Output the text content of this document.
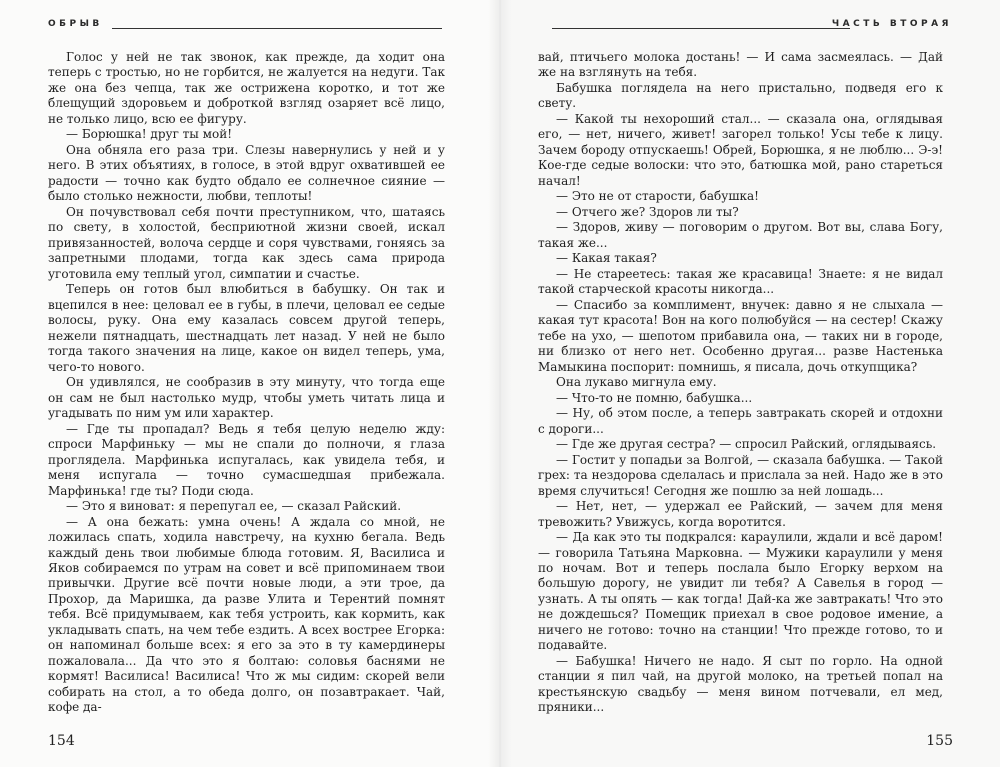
ОБРЫВ

Голос у ней не так звонок, как прежде, да ходит она теперь с тростью, но не горбится, не жалуется на недуги. Так же она без чепца, так же острижена коротко, и тот же блещущий здоровьем и доброткой взгляд озаряет всё лицо, не только лицо, всю ее фигуру.

— Борюшка! друг ты мой!

Она обняла его раза три. Слезы навернулись у ней и у него. В этих объятиях, в голосе, в этой вдруг охватившей ее радости — точно как будто обдало ее солнечное сияние — было столько нежности, любви, теплоты!

Он почувствовал себя почти преступником, что, шатаясь по свету, в холостой, бесприютной жизни своей, искал привязанностей, волоча сердце и соря чувствами, гоняясь за запретными плодами, тогда как здесь сама природа уготовила ему теплый угол, симпатии и счастье.

Теперь он готов был влюбиться в бабушку. Он так и вцепился в нее: целовал ее в губы, в плечи, целовал ее седые волосы, руку. Она ему казалась совсем другой теперь, нежели пятнадцать, шестнадцать лет назад. У ней не было тогда такого значения на лице, какое он видел теперь, ума, чего-то нового.

Он удивлялся, не сообразив в эту минуту, что тогда еще он сам не был настолько мудр, чтобы уметь читать лица и угадывать по ним ум или характер.

— Где ты пропадал? Ведь я тебя целую неделю жду: спроси Марфиньку — мы не спали до полночи, я глаза проглядела. Марфинька испугалась, как увидела тебя, и меня испугала — точно сумасшедшая прибежала. Марфинька! где ты? Поди сюда.

— Это я виноват: я перепугал ее, — сказал Райский.

— А она бежать: умна очень! А ждала со мной, не ложилась спать, ходила навстречу, на кухню бегала. Ведь каждый день твои любимые блюда готовим. Я, Василиса и Яков собираемся по утрам на совет и всё припоминаем твои привычки. Другие всё почти новые люди, а эти трое, да Прохор, да Маришка, да разве Улита и Терентий помнят тебя. Всё придумываем, как тебя устроить, как кормить, как укладывать спать, на чем тебе ездить. А всех вострее Егорка: он напоминал больше всех: я его за это в ту камердинеры пожаловала... Да что это я болтаю: соловья баснями не кормят! Василиса! Василиса! Что ж мы сидим: скорей вели собирать на стол, а то обеда долго, он позавтракает. Чай, кофе да-

154
ЧАСТЬ ВТОРАЯ

вай, птичьего молока достань! — И сама засмеялась. — Дай же на взглянуть на тебя.

Бабушка поглядела на него пристально, подведя его к свету.

— Какой ты нехороший стал... — сказала она, оглядывая его, — нет, ничего, живет! загорел только! Усы тебе к лицу. Зачем бороду отпускаешь! Обрей, Борюшка, я не люблю... Э-э! Кое-где седые волоски: что это, батюшка мой, рано стареться начал!

— Это не от старости, бабушка!

— Отчего же? Здоров ли ты?

— Здоров, живу — поговорим о другом. Вот вы, слава Богу, такая же...

— Какая такая?

— Не стареетесь: такая же красавица! Знаете: я не видал такой старческой красоты никогда...

— Спасибо за комплимент, внучек: давно я не слыхала — какая тут красота! Вон на кого полюбуйся — на сестер! Скажу тебе на ухо, — шепотом прибавила она, — таких ни в городе, ни близко от него нет. Особенно другая... разве Настенька Мамыкина поспорит: помнишь, я писала, дочь откупщика?

Она лукаво мигнула ему.

— Что-то не помню, бабушка...

— Ну, об этом после, а теперь завтракать скорей и отдохни с дороги...

— Где же другая сестра? — спросил Райский, оглядываясь.

— Гостит у попадьи за Волгой, — сказала бабушка. — Такой грех: та нездорова сделалась и прислала за ней. Надо же в это время случиться! Сегодня же пошлю за ней лошадь...

— Нет, нет, — удержал ее Райский, — зачем для меня тревожить? Увижусь, когда воротится.

— Да как это ты подкрался: караулили, ждали и всё даром! — говорила Татьяна Марковна. — Мужики караулили у меня по ночам. Вот и теперь послала было Егорку верхом на большую дорогу, не увидит ли тебя? А Савелья в город — узнать. А ты опять — как тогда! Дай-ка же завтракать! Что это не дождешься? Помещик приехал в свое родовое имение, а ничего не готово: точно на станции! Что прежде готово, то и подавайте.

— Бабушка! Ничего не надо. Я сыт по горло. На одной станции я пил чай, на другой молоко, на третьей попал на крестьянскую свадьбу — меня вином потчевали, ел мед, пряники...

155
